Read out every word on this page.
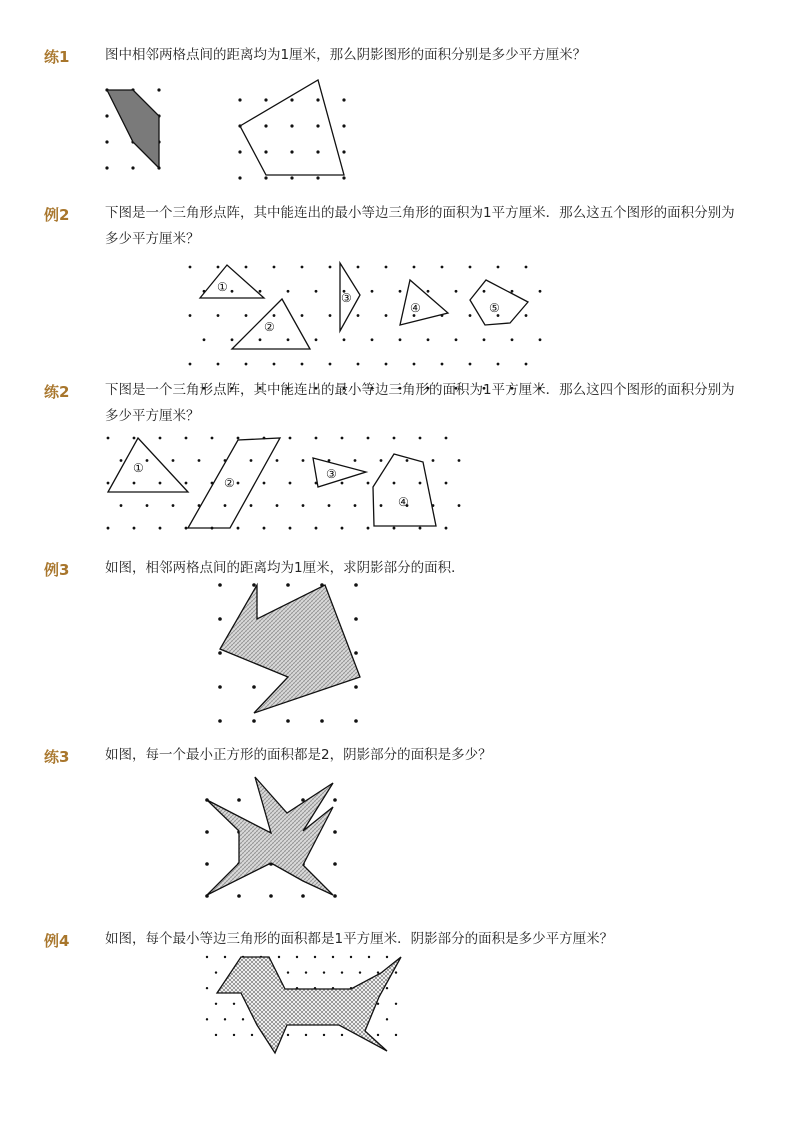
练1	图中相邻两格点间的距离均为1厘米，那么阴影图形的面积分别是多少平方厘米？
例2	下图是一个三角形点阵，其中能连出的最小等边三角形的面积为1平方厘米．那么这五个图形的面积分别为多少平方厘米？
①
②
③
④	⑤
练2	下图是一个三角形点阵，其中能连出的最小等边三角形的面积为1平方厘米．那么这四个图形的面积分别为多少平方厘米？
①
②
③
④
例3	如图，相邻两格点间的距离均为1厘米，求阴影部分的面积．
练3	如图，每一个最小正方形的面积都是2，阴影部分的面积是多少？
例4	如图，每个最小等边三角形的面积都是1平方厘米．阴影部分的面积是多少平方厘米？
